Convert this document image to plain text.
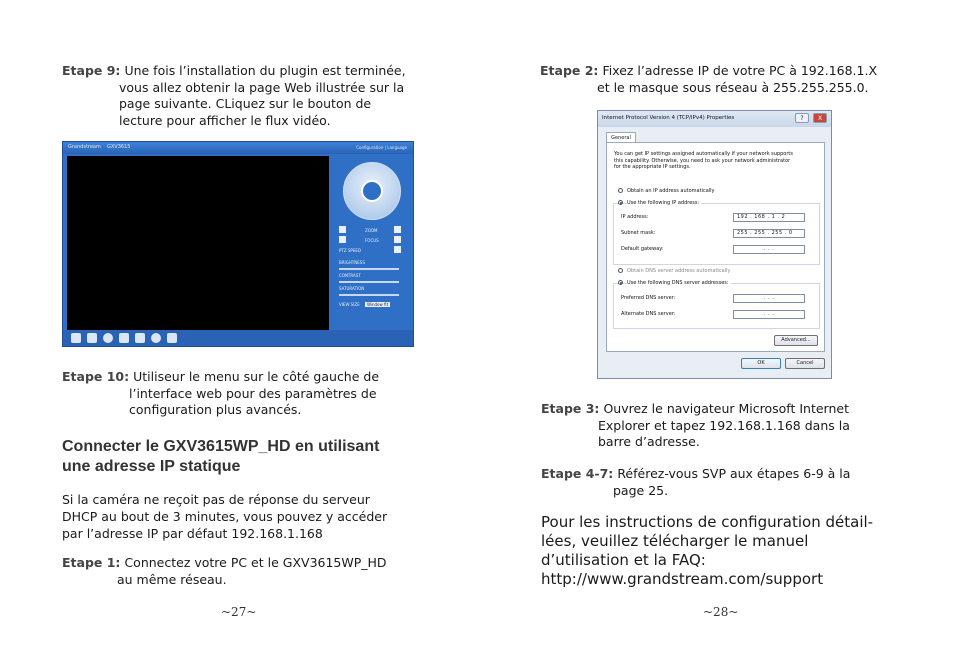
Etape 9: Une fois l’installation du plugin est terminée,
vous allez obtenir la page Web illustrée sur la
page suivante. CLiquez sur le bouton de
lecture pour afficher le flux vidéo.
Grandstream GXV3615	Configuration | Language
ZOOM
FOCUS
PTZ SPEED
BRIGHTNESS
CONTRAST
SATURATION
VIEW SIZE	Window fit
Etape 10: Utiliseur le menu sur le côté gauche de
l’interface web pour des paramètres de
configuration plus avancés.
Connecter le GXV3615WP_HD en utilisant
une adresse IP statique
Si la caméra ne reçoit pas de réponse du serveur
DHCP au bout de 3 minutes, vous pouvez y accéder
par l’adresse IP par défaut 192.168.1.168
Etape 1: Connectez votre PC et le GXV3615WP_HD
au même réseau.
~27~
Etape 2: Fixez l’adresse IP de votre PC à 192.168.1.X
et le masque sous réseau à 255.255.255.0.
Internet Protocol Version 4 (TCP/IPv4) Properties	?	X
General
You can get IP settings assigned automatically if your network supports
this capability. Otherwise, you need to ask your network administrator
for the appropriate IP settings.
Obtain an IP address automatically
Use the following IP address:
IP address:	192 . 168 . 1 . 2
Subnet mask:	255 . 255 . 255 . 0
Default gateway:	. . .
Obtain DNS server address automatically
Use the following DNS server addresses:
Preferred DNS server:	. . .
Alternate DNS server:	. . .
Advanced...
OK	Cancel
Etape 3: Ouvrez le navigateur Microsoft Internet
Explorer et tapez 192.168.1.168 dans la
barre d’adresse.
Etape 4-7: Référez-vous SVP aux étapes 6-9 à la
page 25.
Pour les instructions de configuration détail-
lées, veuillez télécharger le manuel
d’utilisation et la FAQ:
http://www.grandstream.com/support
~28~
